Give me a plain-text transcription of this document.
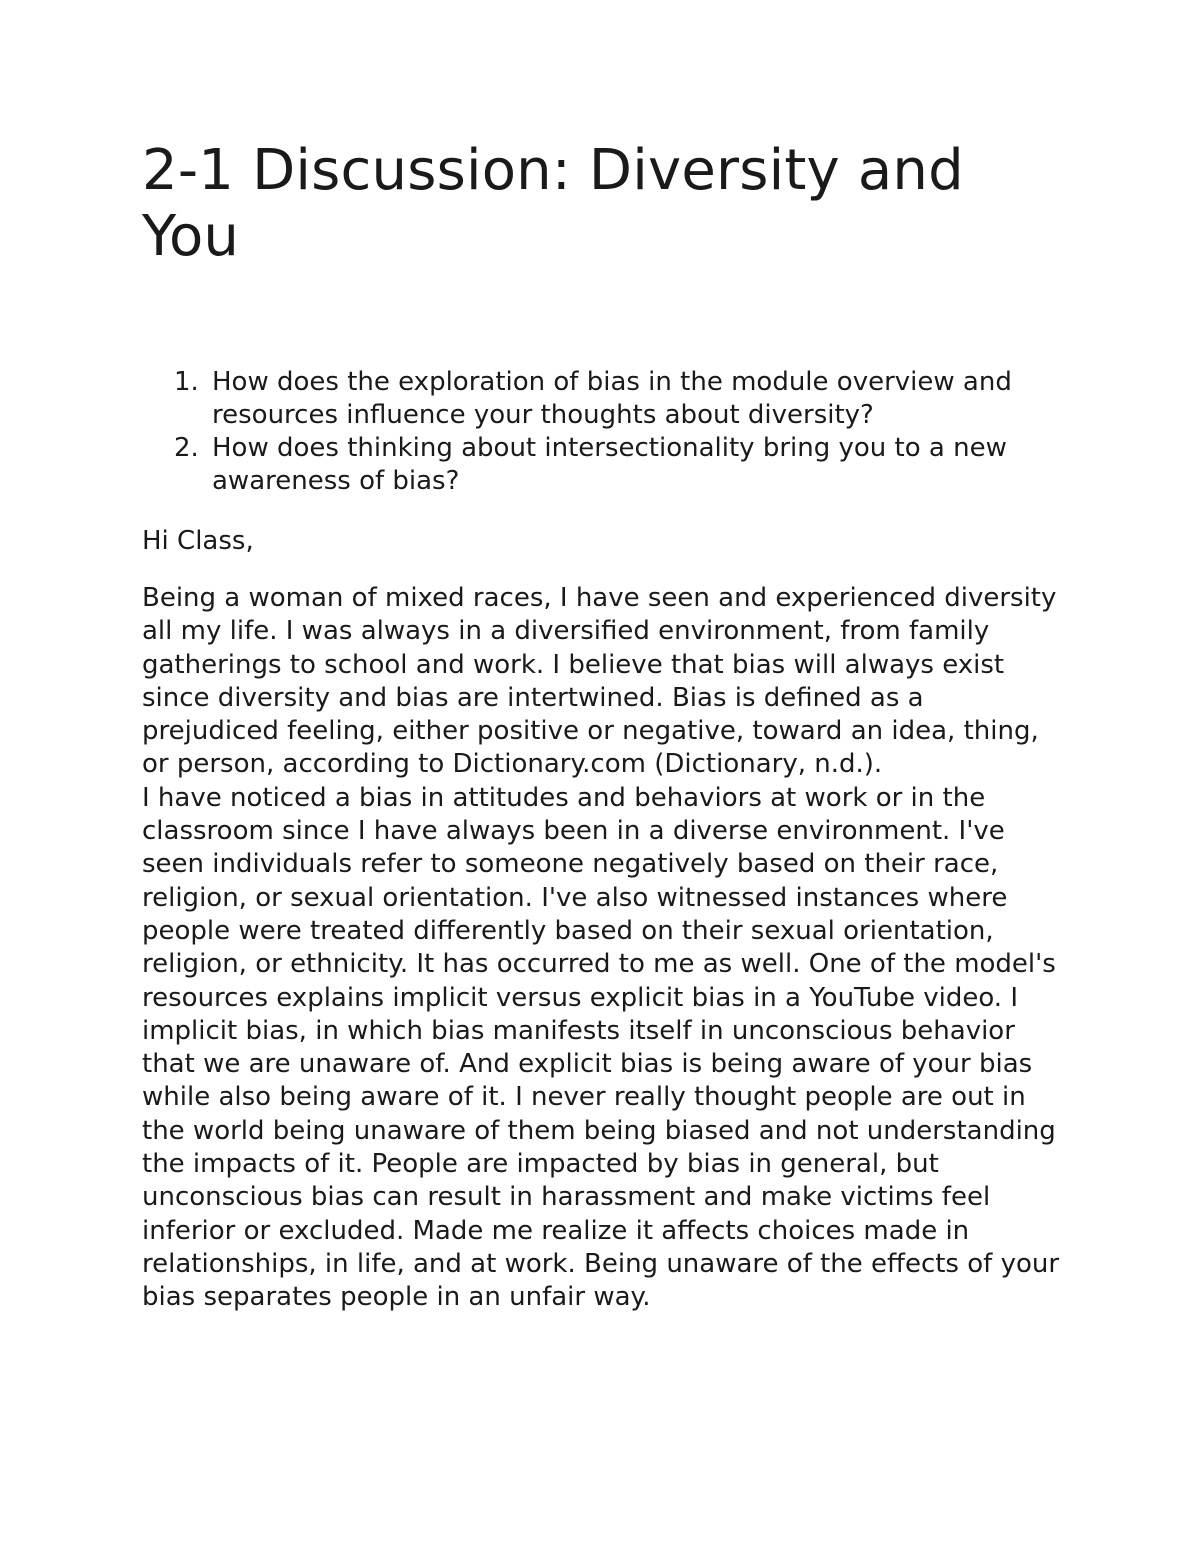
2-1 Discussion: Diversity and You
1. How does the exploration of bias in the module overview and resources influence your thoughts about diversity?
2. How does thinking about intersectionality bring you to a new awareness of bias?

Hi Class,

Being a woman of mixed races, I have seen and experienced diversity all my life. I was always in a diversified environment, from family gatherings to school and work. I believe that bias will always exist since diversity and bias are intertwined. Bias is defined as a prejudiced feeling, either positive or negative, toward an idea, thing, or person, according to Dictionary.com (Dictionary, n.d.).

I have noticed a bias in attitudes and behaviors at work or in the classroom since I have always been in a diverse environment. I've seen individuals refer to someone negatively based on their race, religion, or sexual orientation. I've also witnessed instances where people were treated differently based on their sexual orientation, religion, or ethnicity. It has occurred to me as well. One of the model's resources explains implicit versus explicit bias in a YouTube video. I implicit bias, in which bias manifests itself in unconscious behavior that we are unaware of. And explicit bias is being aware of your bias while also being aware of it. I never really thought people are out in the world being unaware of them being biased and not understanding the impacts of it. People are impacted by bias in general, but unconscious bias can result in harassment and make victims feel inferior or excluded. Made me realize it affects choices made in relationships, in life, and at work. Being unaware of the effects of your bias separates people in an unfair way.
